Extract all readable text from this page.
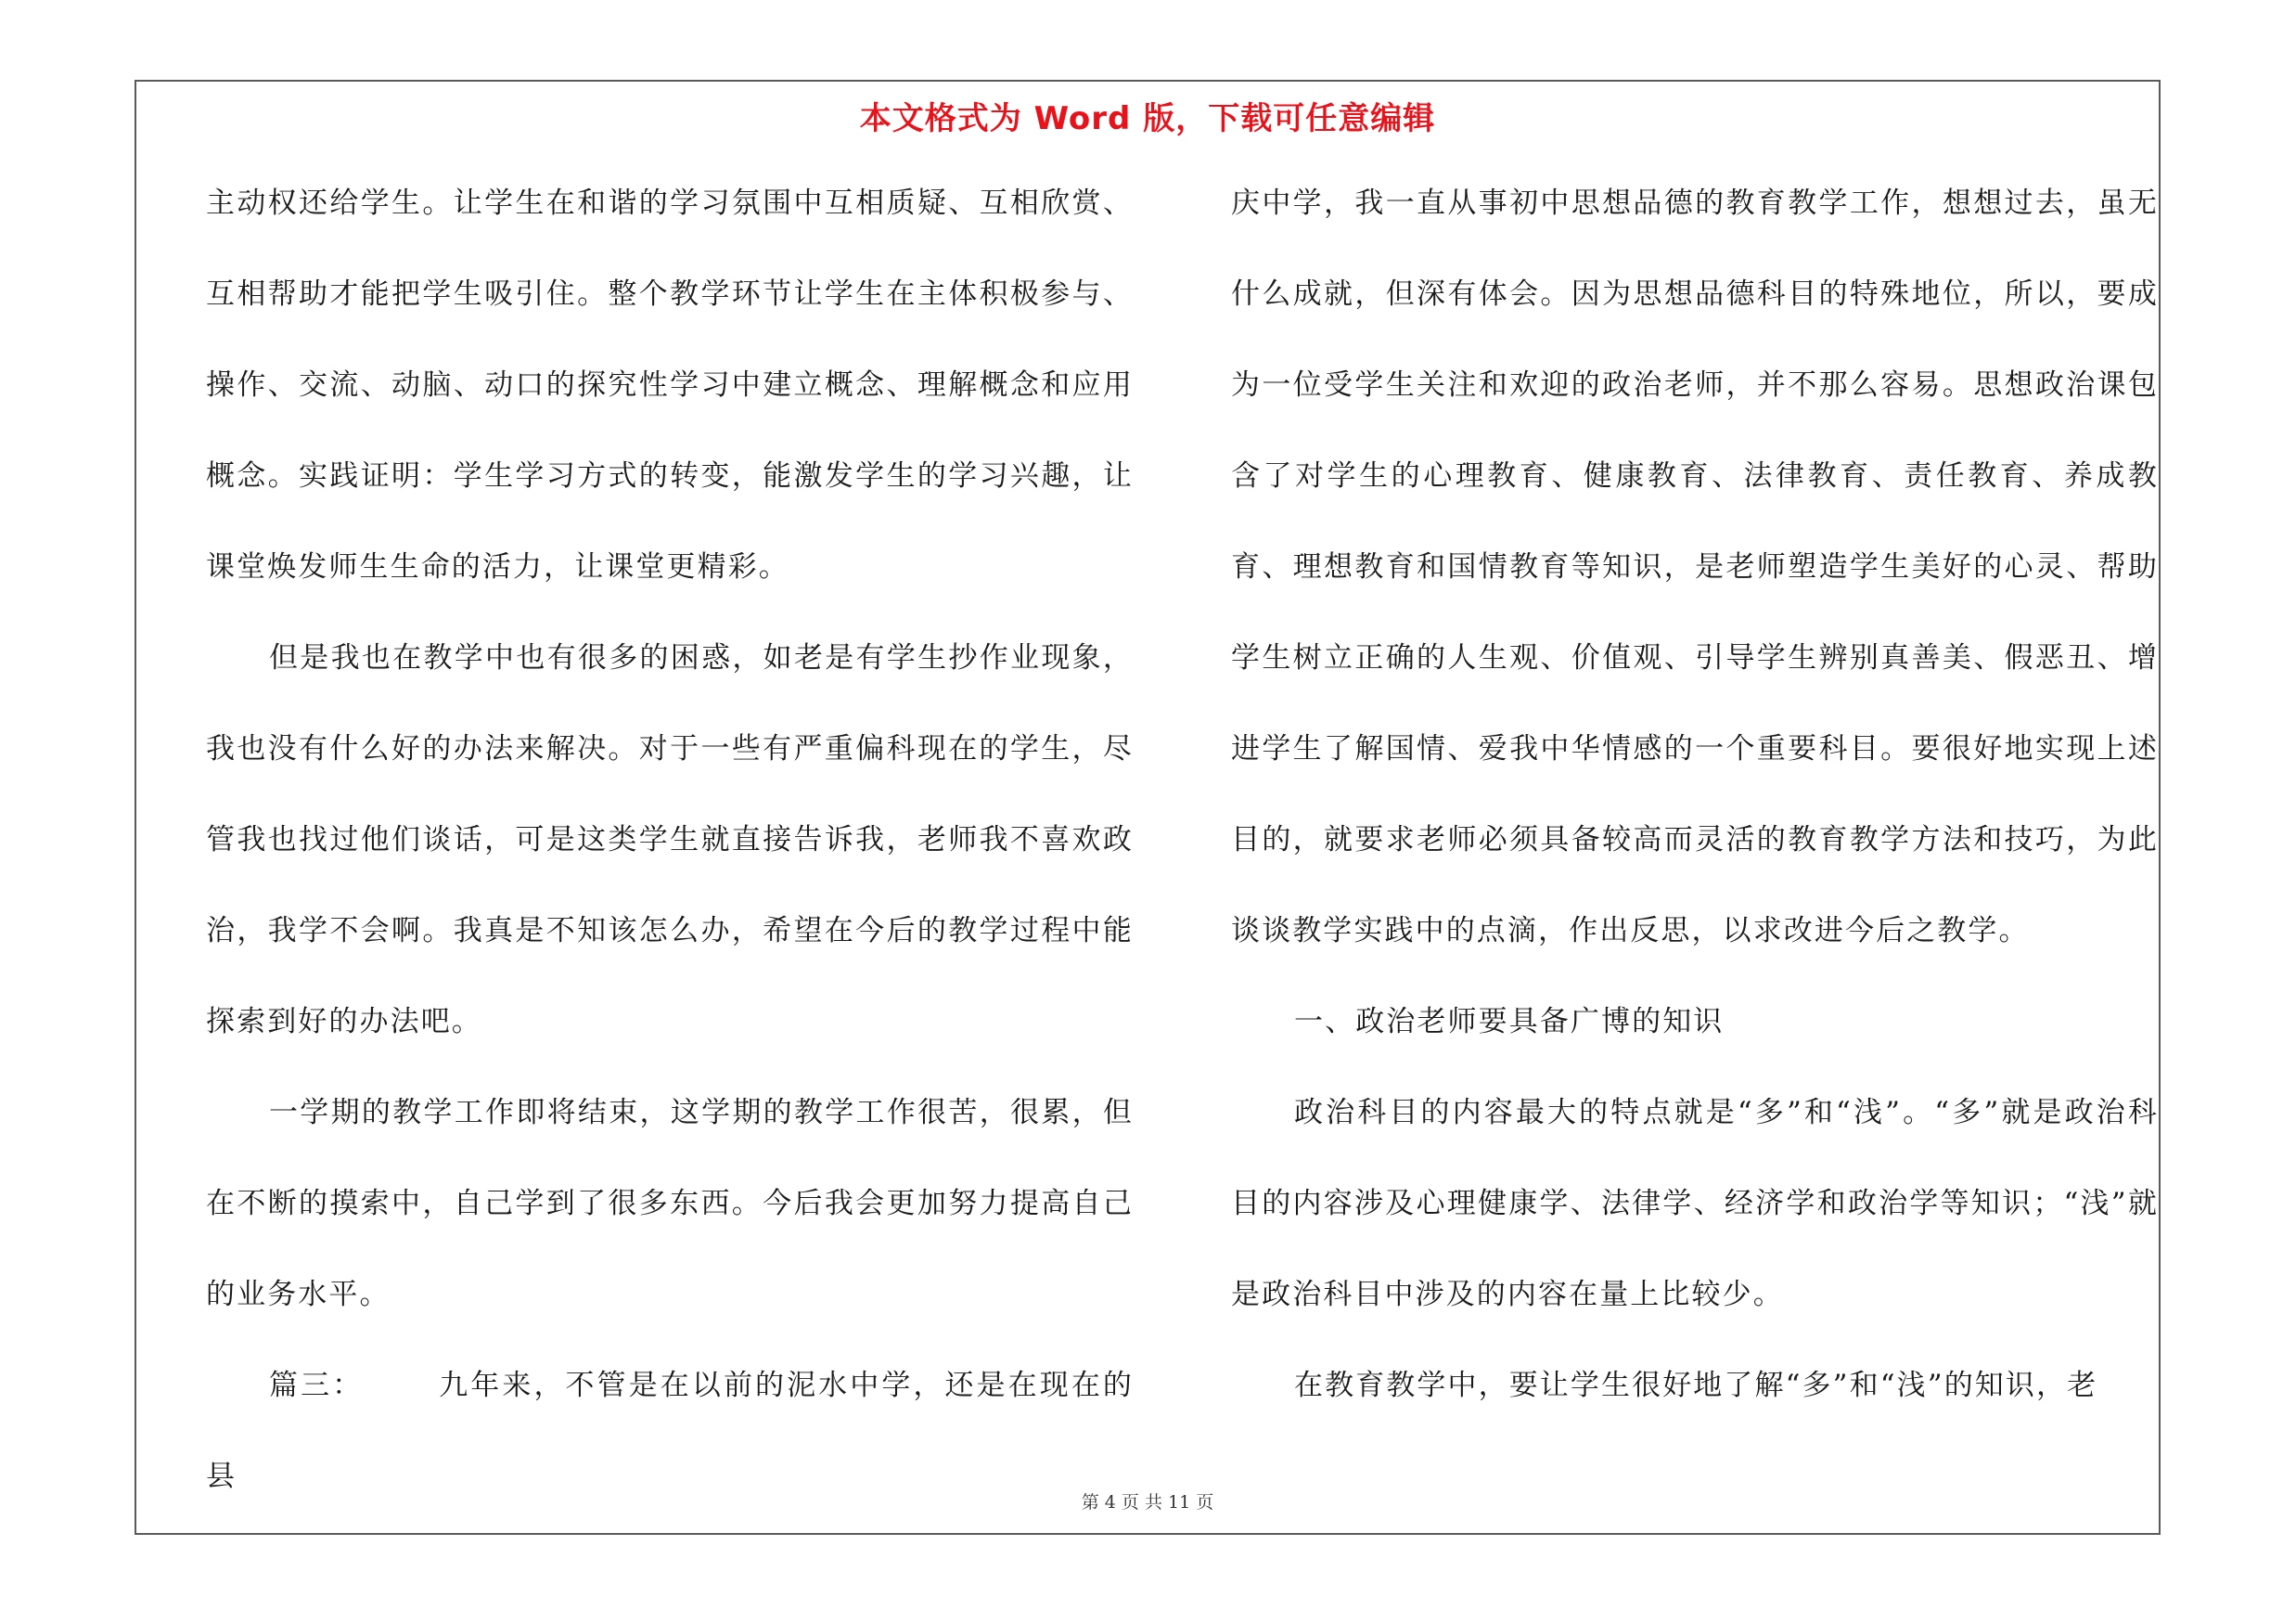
本文格式为 Word 版，下载可任意编辑

主动权还给学生。让学生在和谐的学习氛围中互相质疑、互相欣赏、互相帮助才能把学生吸引住。整个教学环节让学生在主体积极参与、操作、交流、动脑、动口的探究性学习中建立概念、理解概念和应用概念。实践证明：学生学习方式的转变，能激发学生的学习兴趣，让课堂焕发师生生命的活力，让课堂更精彩。

但是我也在教学中也有很多的困惑，如老是有学生抄作业现象，我也没有什么好的办法来解决。对于一些有严重偏科现在的学生，尽管我也找过他们谈话，可是这类学生就直接告诉我，老师我不喜欢政治，我学不会啊。我真是不知该怎么办，希望在今后的教学过程中能探索到好的办法吧。

一学期的教学工作即将结束，这学期的教学工作很苦，很累，但在不断的摸索中，自己学到了很多东西。今后我会更加努力提高自己的业务水平。

篇三：	九年来，不管是在以前的泥水中学，还是在现在的县

庆中学，我一直从事初中思想品德的教育教学工作，想想过去，虽无什么成就，但深有体会。因为思想品德科目的特殊地位，所以，要成为一位受学生关注和欢迎的政治老师，并不那么容易。思想政治课包含了对学生的心理教育、健康教育、法律教育、责任教育、养成教育、理想教育和国情教育等知识，是老师塑造学生美好的心灵、帮助学生树立正确的人生观、价值观、引导学生辨别真善美、假恶丑、增进学生了解国情、爱我中华情感的一个重要科目。要很好地实现上述目的，就要求老师必须具备较高而灵活的教育教学方法和技巧，为此谈谈教学实践中的点滴，作出反思，以求改进今后之教学。

一、政治老师要具备广博的知识

政治科目的内容最大的特点就是“多”和“浅”。“多”就是政治科目的内容涉及心理健康学、法律学、经济学和政治学等知识；“浅”就是政治科目中涉及的内容在量上比较少。

在教育教学中，要让学生很好地了解“多”和“浅”的知识，老

第 4 页 共 11 页
